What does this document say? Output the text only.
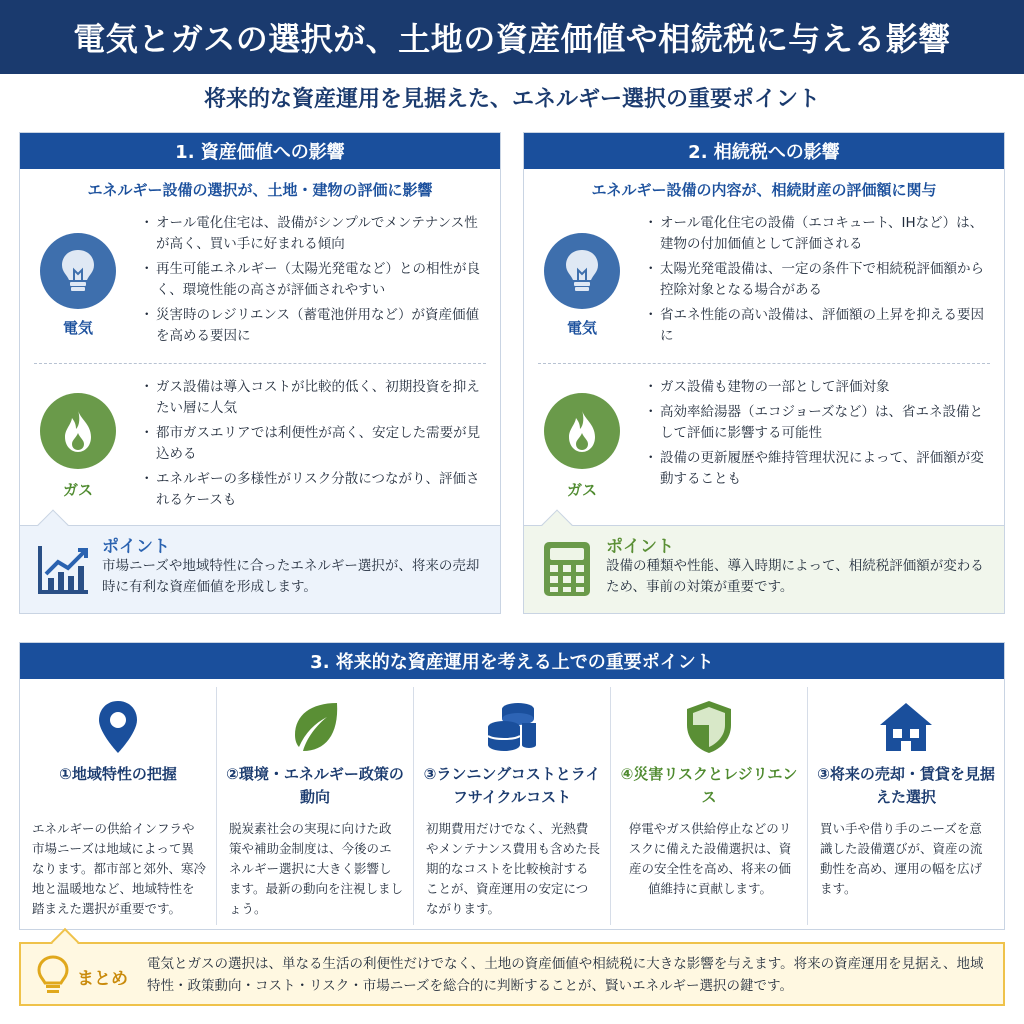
電気とガスの選択が、土地の資産価値や相続税に与える影響
将来的な資産運用を見据えた、エネルギー選択の重要ポイント
1. 資産価値への影響
エネルギー設備の選択が、土地・建物の評価に影響
電気
・ オール電化住宅は、設備がシンプルでメンテナンス性が高く、買い手に好まれる傾向
・ 再生可能エネルギー（太陽光発電など）との相性が良く、環境性能の高さが評価されやすい
・ 災害時のレジリエンス（蓄電池併用など）が資産価値を高める要因に
ガス
・ ガス設備は導入コストが比較的低く、初期投資を抑えたい層に人気
・ 都市ガスエリアでは利便性が高く、安定した需要が見込める
・ エネルギーの多様性がリスク分散につながり、評価されるケースも
ポイント
市場ニーズや地域特性に合ったエネルギー選択が、将来の売却時に有利な資産価値を形成します。
2. 相続税への影響
エネルギー設備の内容が、相続財産の評価額に関与
電気
・ オール電化住宅の設備（エコキュート、IHなど）は、建物の付加価値として評価される
・ 太陽光発電設備は、一定の条件下で相続税評価額から控除対象となる場合がある
・ 省エネ性能の高い設備は、評価額の上昇を抑える要因に
ガス
・ ガス設備も建物の一部として評価対象
・ 高効率給湯器（エコジョーズなど）は、省エネ設備として評価に影響する可能性
・ 設備の更新履歴や維持管理状況によって、評価額が変動することも
ポイント
設備の種類や性能、導入時期によって、相続税評価額が変わるため、事前の対策が重要です。
3. 将来的な資産運用を考える上での重要ポイント
①地域特性の把握
エネルギーの供給インフラや市場ニーズは地域によって異なります。都市部と郊外、寒冷地と温暖地など、地域特性を踏まえた選択が重要です。
②環境・エネルギー政策の動向
脱炭素社会の実現に向けた政策や補助金制度は、今後のエネルギー選択に大きく影響します。最新の動向を注視しましょう。
③ランニングコストとライフサイクルコスト
初期費用だけでなく、光熱費やメンテナンス費用も含めた長期的なコストを比較検討することが、資産運用の安定につながります。
④災害リスクとレジリエンス
停電やガス供給停止などのリスクに備えた設備選択は、資産の安全性を高め、将来の価値維持に貢献します。
③将来の売却・賃貸を見据えた選択
買い手や借り手のニーズを意識した設備選びが、資産の流動性を高め、運用の幅を広げます。
まとめ
電気とガスの選択は、単なる生活の利便性だけでなく、土地の資産価値や相続税に大きな影響を与えます。将来の資産運用を見据え、地域特性・政策動向・コスト・リスク・市場ニーズを総合的に判断することが、賢いエネルギー選択の鍵です。
